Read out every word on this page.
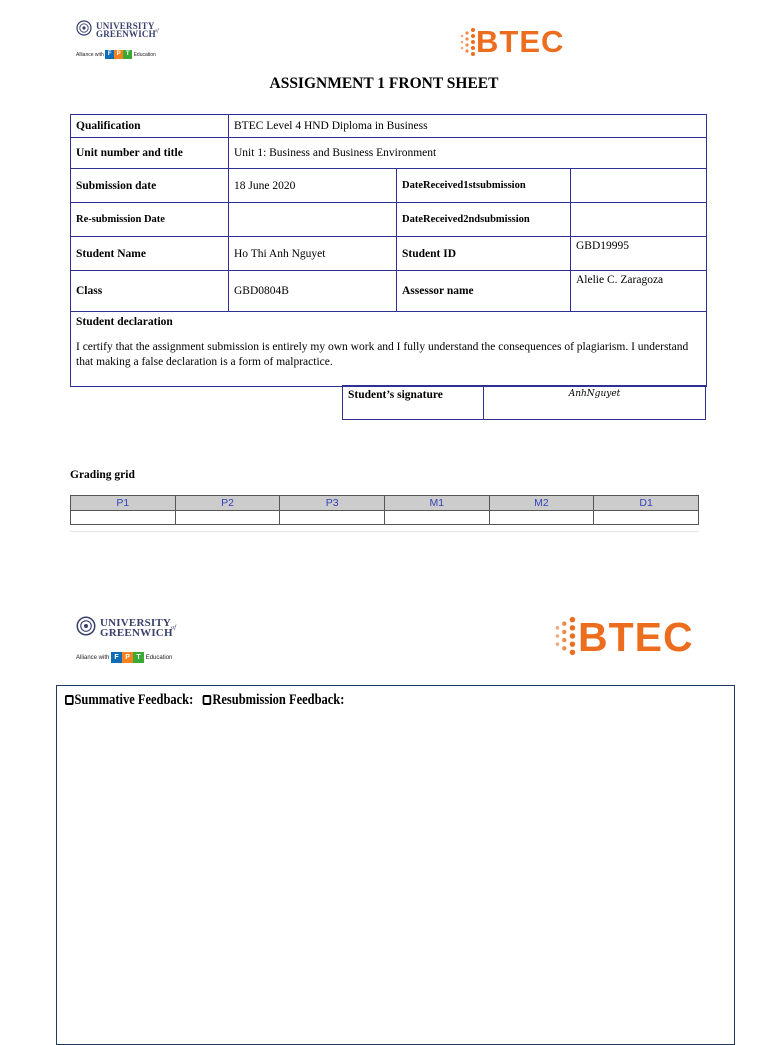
$UNIVERSITY_{of}$
GREENWICH
Alliance with F P T Education	BTEC
ASSIGNMENT 1 FRONT SHEET
Qualification	BTEC Level 4 HND Diploma in Business		
Unit number and title	Unit 1: Business and Business Environment		
Submission date	18 June 2020	DateReceived1stsubmission	
Re-submission Date		DateReceived2ndsubmission	
Student Name	Ho Thi Anh Nguyet	Student ID	GBD19995
Class	GBD0804B	Assessor name	Alelie C. Zaragoza

Student declaration
I certify that the assignment submission is entirely my own work and I fully understand the consequences of plagiarism. I understand that making a false declaration is a form of malpractice.			
Student’s signature	AnhNguyet
Grading grid
P1	P2	P3	M1	M2	D1

$UNIVERSITY_{of}$
GREENWICH
Alliance with F P T Education	BTEC
Summative Feedback: Resubmission Feedback:
